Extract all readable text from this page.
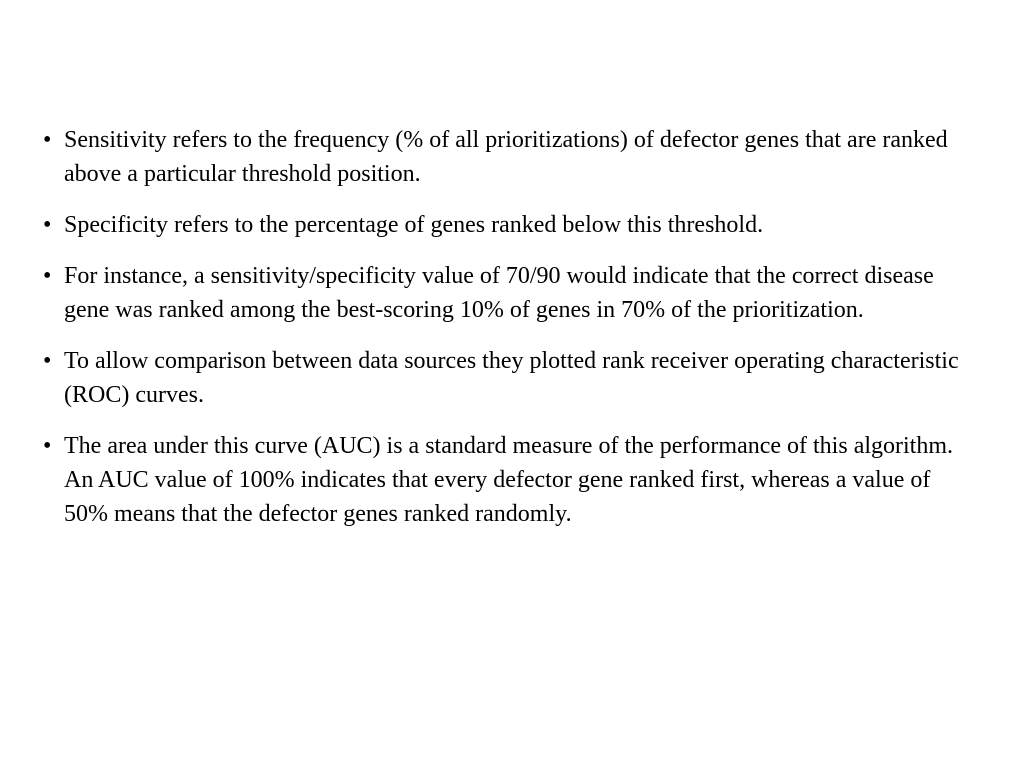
• Sensitivity refers to the frequency (% of all prioritizations) of defector genes that are ranked above a particular threshold position.
• Specificity refers to the percentage of genes ranked below this threshold.
• For instance, a sensitivity/specificity value of 70/90 would indicate that the correct disease gene was ranked among the best-scoring 10% of genes in 70% of the prioritization.
• To allow comparison between data sources they plotted rank receiver operating characteristic (ROC) curves.
• The area under this curve (AUC) is a standard measure of the performance of this algorithm. An AUC value of 100% indicates that every defector gene ranked first, whereas a value of 50% means that the defector genes ranked randomly.
